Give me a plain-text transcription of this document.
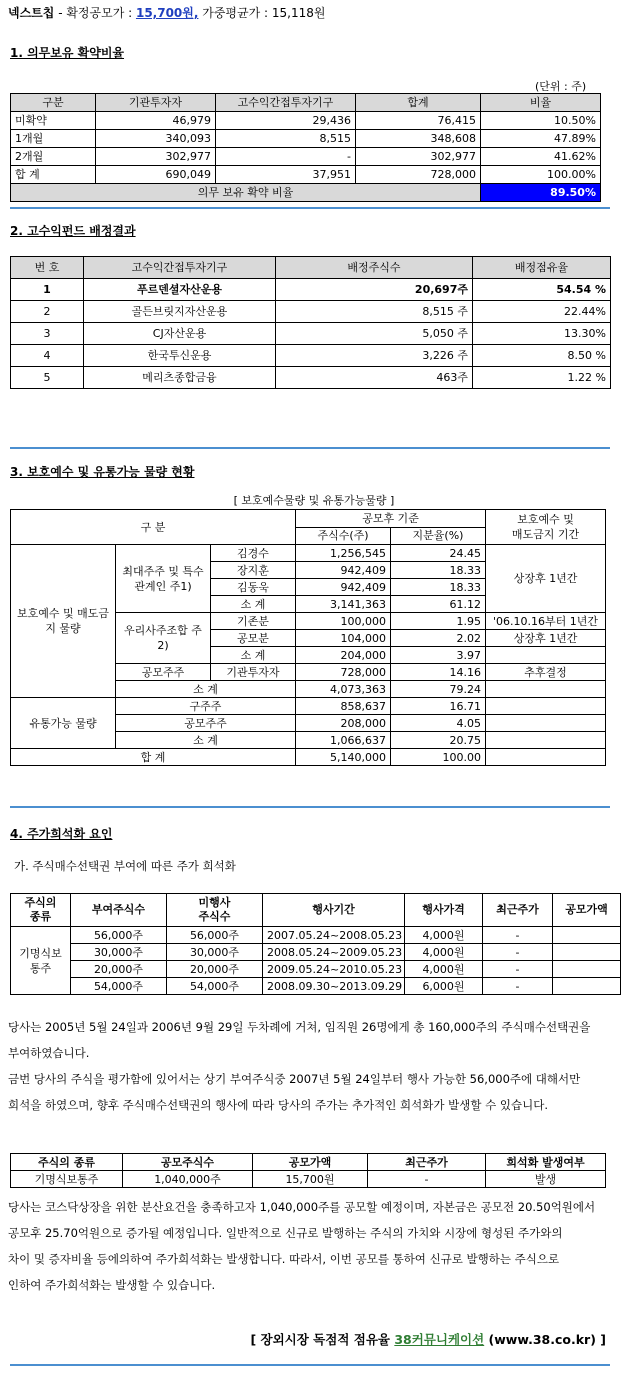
넥스트칩 - 확정공모가 : 15,700원, 가중평균가 : 15,118원
1. 의무보유 확약비율
(단위 : 주)
구분	기관투자자	고수익간접투자기구	합계	비율
미확약	46,979	29,436	76,415	10.50%
1개월	340,093	8,515	348,608	47.89%
2개월	302,977	-	302,977	41.62%
합 계	690,049	37,951	728,000	100.00%
의무 보유 확약 비율				89.50%
2. 고수익펀드 배정결과
번 호	고수익간접투자기구	배정주식수	배정점유율
1	푸르덴셜자산운용	20,697주	54.54 %
2	골든브릿지자산운용	8,515 주	22.44%
3	CJ자산운용	5,050 주	13.30%
4	한국투신운용	3,226 주	8.50 %
5	메리츠종합금융	463주	1.22 %
3. 보호예수 및 유통가능 물량 현황
[ 보호예수물량 및 유통가능물량 ]
구 분			공모후 기준		보호예수 및
매도금지 기간
			주식수(주)	지분율(%)	
보호예수 및 매도금지 물량	최대주주 및 특수관계인 주1)	김경수	1,256,545	24.45	상장후 1년간
		장지훈	942,409	18.33	
		김동욱	942,409	18.33	
		소 계	3,141,363	61.12	
	우리사주조합 주2)	기존분	100,000	1.95	'06.10.16부터 1년간
		공모분	104,000	2.02	상장후 1년간
		소 계	204,000	3.97	
	공모주주	기관투자자	728,000	14.16	추후결정
	소 계		4,073,363	79.24	
유통가능 물량	구주주		858,637	16.71	
	공모주주		208,000	4.05	
	소 계		1,066,637	20.75	
합 계			5,140,000	100.00	
4. 주가희석화 요인
가. 주식매수선택권 부여에 따른 주가 희석화
주식의
종류	부여주식수	미행사
주식수	행사기간	행사가격	최근주가	공모가액
기명식보
통주	56,000주	56,000주	2007.05.24~2008.05.23	4,000원	-	
	30,000주	30,000주	2008.05.24~2009.05.23	4,000원	-	
	20,000주	20,000주	2009.05.24~2010.05.23	4,000원	-	
	54,000주	54,000주	2008.09.30~2013.09.29	6,000원	-	
당사는 2005년 5월 24일과 2006년 9월 29일 두차례에 거쳐, 임직원 26명에게 총 160,000주의 주식매수선택권을
부여하였습니다.
금번 당사의 주식을 평가함에 있어서는 상기 부여주식중 2007년 5월 24일부터 행사 가능한 56,000주에 대해서만
희석을 하였으며, 향후 주식매수선택권의 행사에 따라 당사의 주가는 추가적인 희석화가 발생할 수 있습니다.
주식의 종류	공모주식수	공모가액	최근주가	희석화 발생여부
기명식보통주	1,040,000주	15,700원	-	발생
당사는 코스닥상장을 위한 분산요건을 충족하고자 1,040,000주를 공모할 예정이며, 자본금은 공모전 20.50억원에서
공모후 25.70억원으로 증가될 예정입니다. 일반적으로 신규로 발행하는 주식의 가치와 시장에 형성된 주가와의
차이 및 증자비율 등에의하여 주가희석화는 발생합니다. 따라서, 이번 공모를 통하여 신규로 발행하는 주식으로
인하여 주가희석화는 발생할 수 있습니다.
[ 장외시장 독점적 점유율 38커뮤니케이션 (www.38.co.kr) ]
